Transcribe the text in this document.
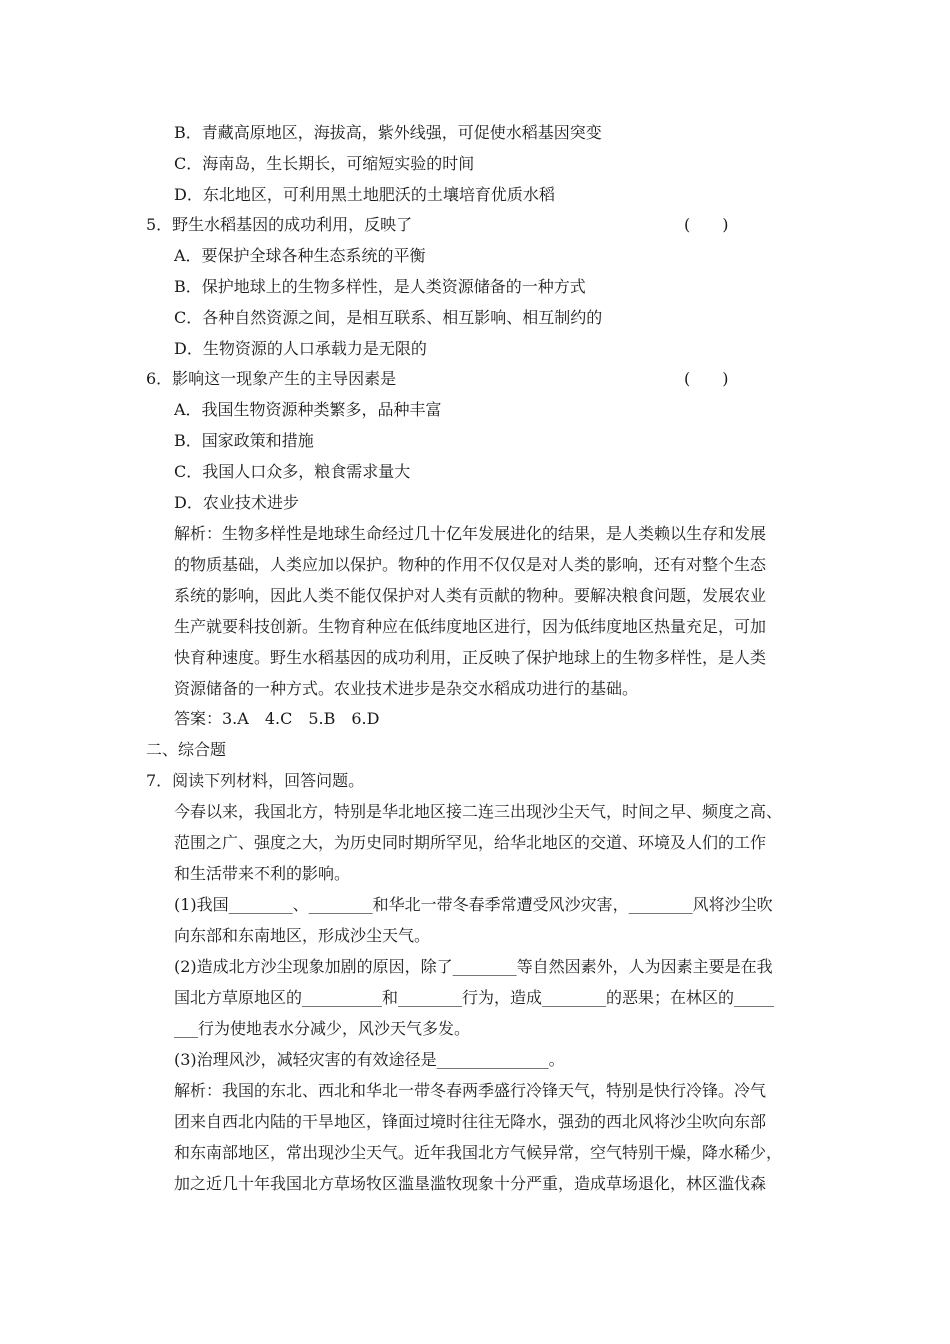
B．青藏高原地区，海拔高，紫外线强，可促使水稻基因突变
C．海南岛，生长期长，可缩短实验的时间
D．东北地区，可利用黑土地肥沃的土壤培育优质水稻
5．野生水稻基因的成功利用，反映了	(　　)
A．要保护全球各种生态系统的平衡
B．保护地球上的生物多样性，是人类资源储备的一种方式
C．各种自然资源之间，是相互联系、相互影响、相互制约的
D．生物资源的人口承载力是无限的
6．影响这一现象产生的主导因素是	(　　)
A．我国生物资源种类繁多，品种丰富
B．国家政策和措施
C．我国人口众多，粮食需求量大
D．农业技术进步
解析：生物多样性是地球生命经过几十亿年发展进化的结果，是人类赖以生存和发展
的物质基础，人类应加以保护。物种的作用不仅仅是对人类的影响，还有对整个生态
系统的影响，因此人类不能仅保护对人类有贡献的物种。要解决粮食问题，发展农业
生产就要科技创新。生物育种应在低纬度地区进行，因为低纬度地区热量充足，可加
快育种速度。野生水稻基因的成功利用，正反映了保护地球上的生物多样性，是人类
资源储备的一种方式。农业技术进步是杂交水稻成功进行的基础。
答案：3.A　4.C　5.B　6.D
二、综合题
7．阅读下列材料，回答问题。
今春以来，我国北方，特别是华北地区接二连三出现沙尘天气，时间之早、频度之高、
范围之广、强度之大，为历史同时期所罕见，给华北地区的交道、环境及人们的工作
和生活带来不利的影响。
(1)我国________、________和华北一带冬春季常遭受风沙灾害，________风将沙尘吹
向东部和东南地区，形成沙尘天气。
(2)造成北方沙尘现象加剧的原因，除了________等自然因素外，人为因素主要是在我
国北方草原地区的__________和________行为，造成________的恶果；在林区的_____
___行为使地表水分减少，风沙天气多发。
(3)治理风沙，减轻灾害的有效途径是______________。
解析：我国的东北、西北和华北一带冬春两季盛行冷锋天气，特别是快行冷锋。冷气
团来自西北内陆的干旱地区，锋面过境时往往无降水，强劲的西北风将沙尘吹向东部
和东南部地区，常出现沙尘天气。近年我国北方气候异常，空气特别干燥，降水稀少，
加之近几十年我国北方草场牧区滥垦滥牧现象十分严重，造成草场退化，林区滥伐森
